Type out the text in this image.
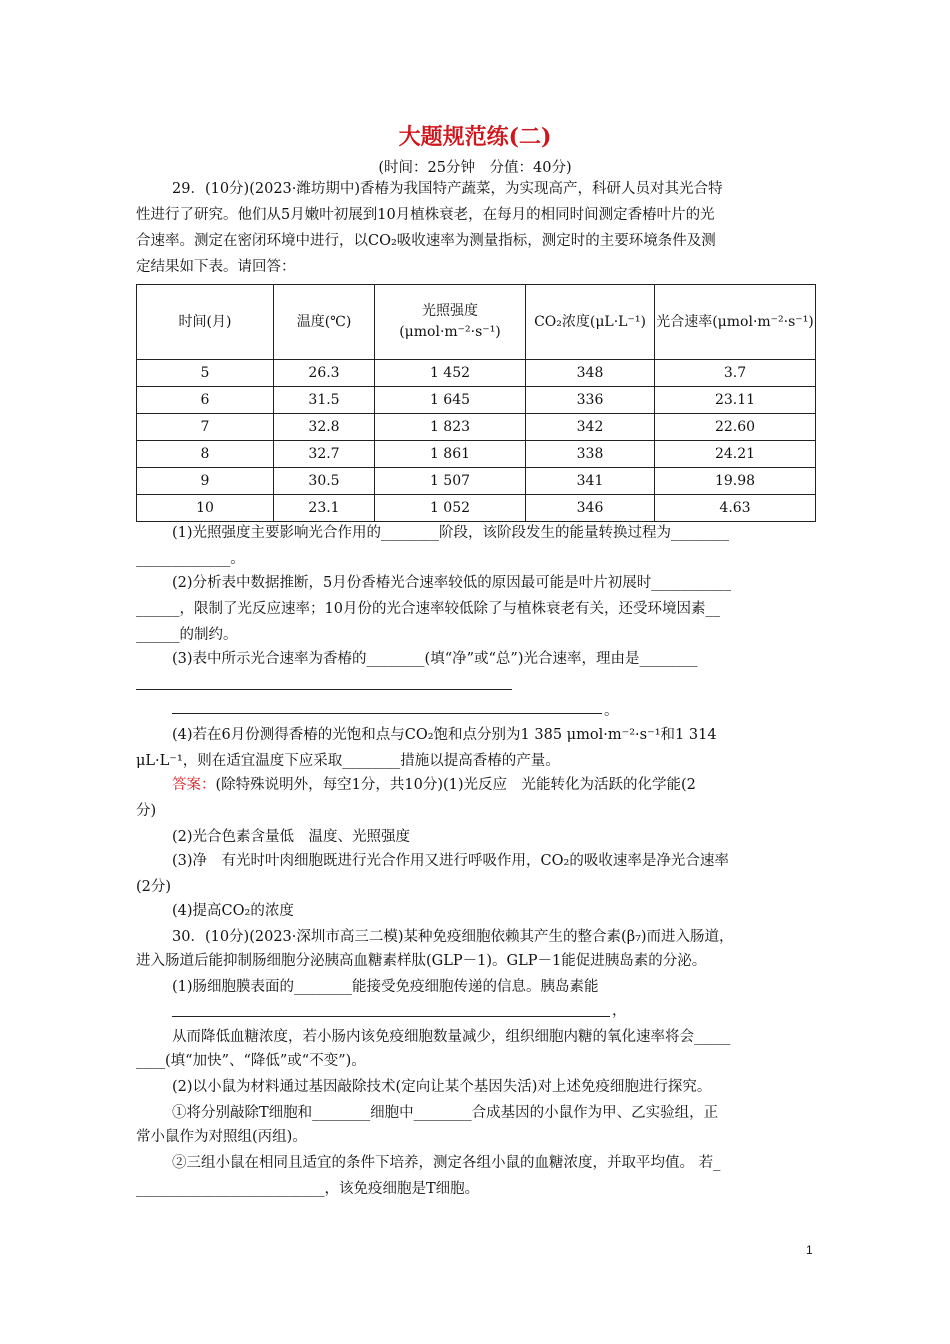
大题规范练(二)
(时间：25分钟　分值：40分)
29．(10分)(2023·潍坊期中)香椿为我国特产蔬菜，为实现高产，科研人员对其光合特
性进行了研究。他们从5月嫩叶初展到10月植株衰老，在每月的相同时间测定香椿叶片的光
合速率。测定在密闭环境中进行，以CO₂吸收速率为测量指标，测定时的主要环境条件及测
定结果如下表。请回答：
时间(月)	温度(℃)	光照强度(μmol·m⁻²·s⁻¹)	CO₂浓度(μL·L⁻¹)	光合速率(μmol·m⁻²·s⁻¹)
5	26.3	1 452	348	3.7
6	31.5	1 645	336	23.11
7	32.8	1 823	342	22.60
8	32.7	1 861	338	24.21
9	30.5	1 507	341	19.98
10	23.1	1 052	346	4.63
(1)光照强度主要影响光合作用的________阶段，该阶段发生的能量转换过程为________
_____________。
(2)分析表中数据推断，5月份香椿光合速率较低的原因最可能是叶片初展时___________
______，限制了光反应速率；10月份的光合速率较低除了与植株衰老有关，还受环境因素__
______的制约。
(3)表中所示光合速率为香椿的________(填“净”或“总”)光合速率，理由是________
。
(4)若在6月份测得香椿的光饱和点与CO₂饱和点分别为1 385 μmol·m⁻²·s⁻¹和1 314
μL·L⁻¹，则在适宜温度下应采取________措施以提高香椿的产量。
答案：(除特殊说明外，每空1分，共10分)(1)光反应　光能转化为活跃的化学能(2
分)
(2)光合色素含量低　温度、光照强度
(3)净　有光时叶肉细胞既进行光合作用又进行呼吸作用，CO₂的吸收速率是净光合速率
(2分)
(4)提高CO₂的浓度
30．(10分)(2023·深圳市高三二模)某种免疫细胞依赖其产生的整合素(β₇)而进入肠道，
进入肠道后能抑制肠细胞分泌胰高血糖素样肽(GLP－1)。GLP－1能促进胰岛素的分泌。
(1)肠细胞膜表面的________能接受免疫细胞传递的信息。胰岛素能
，
从而降低血糖浓度，若小肠内该免疫细胞数量减少，组织细胞内糖的氧化速率将会_____
____(填“加快”、“降低”或“不变”)。
(2)以小鼠为材料通过基因敲除技术(定向让某个基因失活)对上述免疫细胞进行探究。
①将分别敲除T细胞和________细胞中________合成基因的小鼠作为甲、乙实验组，正
常小鼠作为对照组(丙组)。
②三组小鼠在相同且适宜的条件下培养，测定各组小鼠的血糖浓度，并取平均值。 若_
__________________________，该免疫细胞是T细胞。
1
